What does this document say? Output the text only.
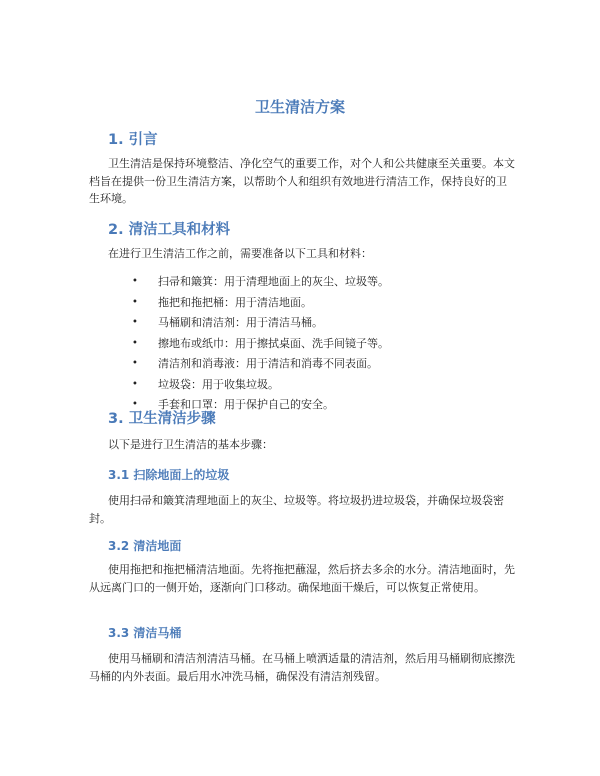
卫生清洁方案
1. 引言

卫生清洁是保持环境整洁、净化空气的重要工作，对个人和公共健康至关重要。本文档旨在提供一份卫生清洁方案，以帮助个人和组织有效地进行清洁工作，保持良好的卫生环境。

2. 清洁工具和材料

在进行卫生清洁工作之前，需要准备以下工具和材料：

• 扫帚和簸箕：用于清理地面上的灰尘、垃圾等。
• 拖把和拖把桶：用于清洁地面。
• 马桶刷和清洁剂：用于清洁马桶。
• 擦地布或纸巾：用于擦拭桌面、洗手间镜子等。
• 清洁剂和消毒液：用于清洁和消毒不同表面。
• 垃圾袋：用于收集垃圾。
• 手套和口罩：用于保护自己的安全。
3. 卫生清洁步骤

以下是进行卫生清洁的基本步骤：

3.1 扫除地面上的垃圾

使用扫帚和簸箕清理地面上的灰尘、垃圾等。将垃圾扔进垃圾袋，并确保垃圾袋密封。

3.2 清洁地面

使用拖把和拖把桶清洁地面。先将拖把蘸湿，然后挤去多余的水分。清洁地面时，先从远离门口的一侧开始，逐渐向门口移动。确保地面干燥后，可以恢复正常使用。

3.3 清洁马桶

使用马桶刷和清洁剂清洁马桶。在马桶上喷洒适量的清洁剂，然后用马桶刷彻底擦洗马桶的内外表面。最后用水冲洗马桶，确保没有清洁剂残留。
